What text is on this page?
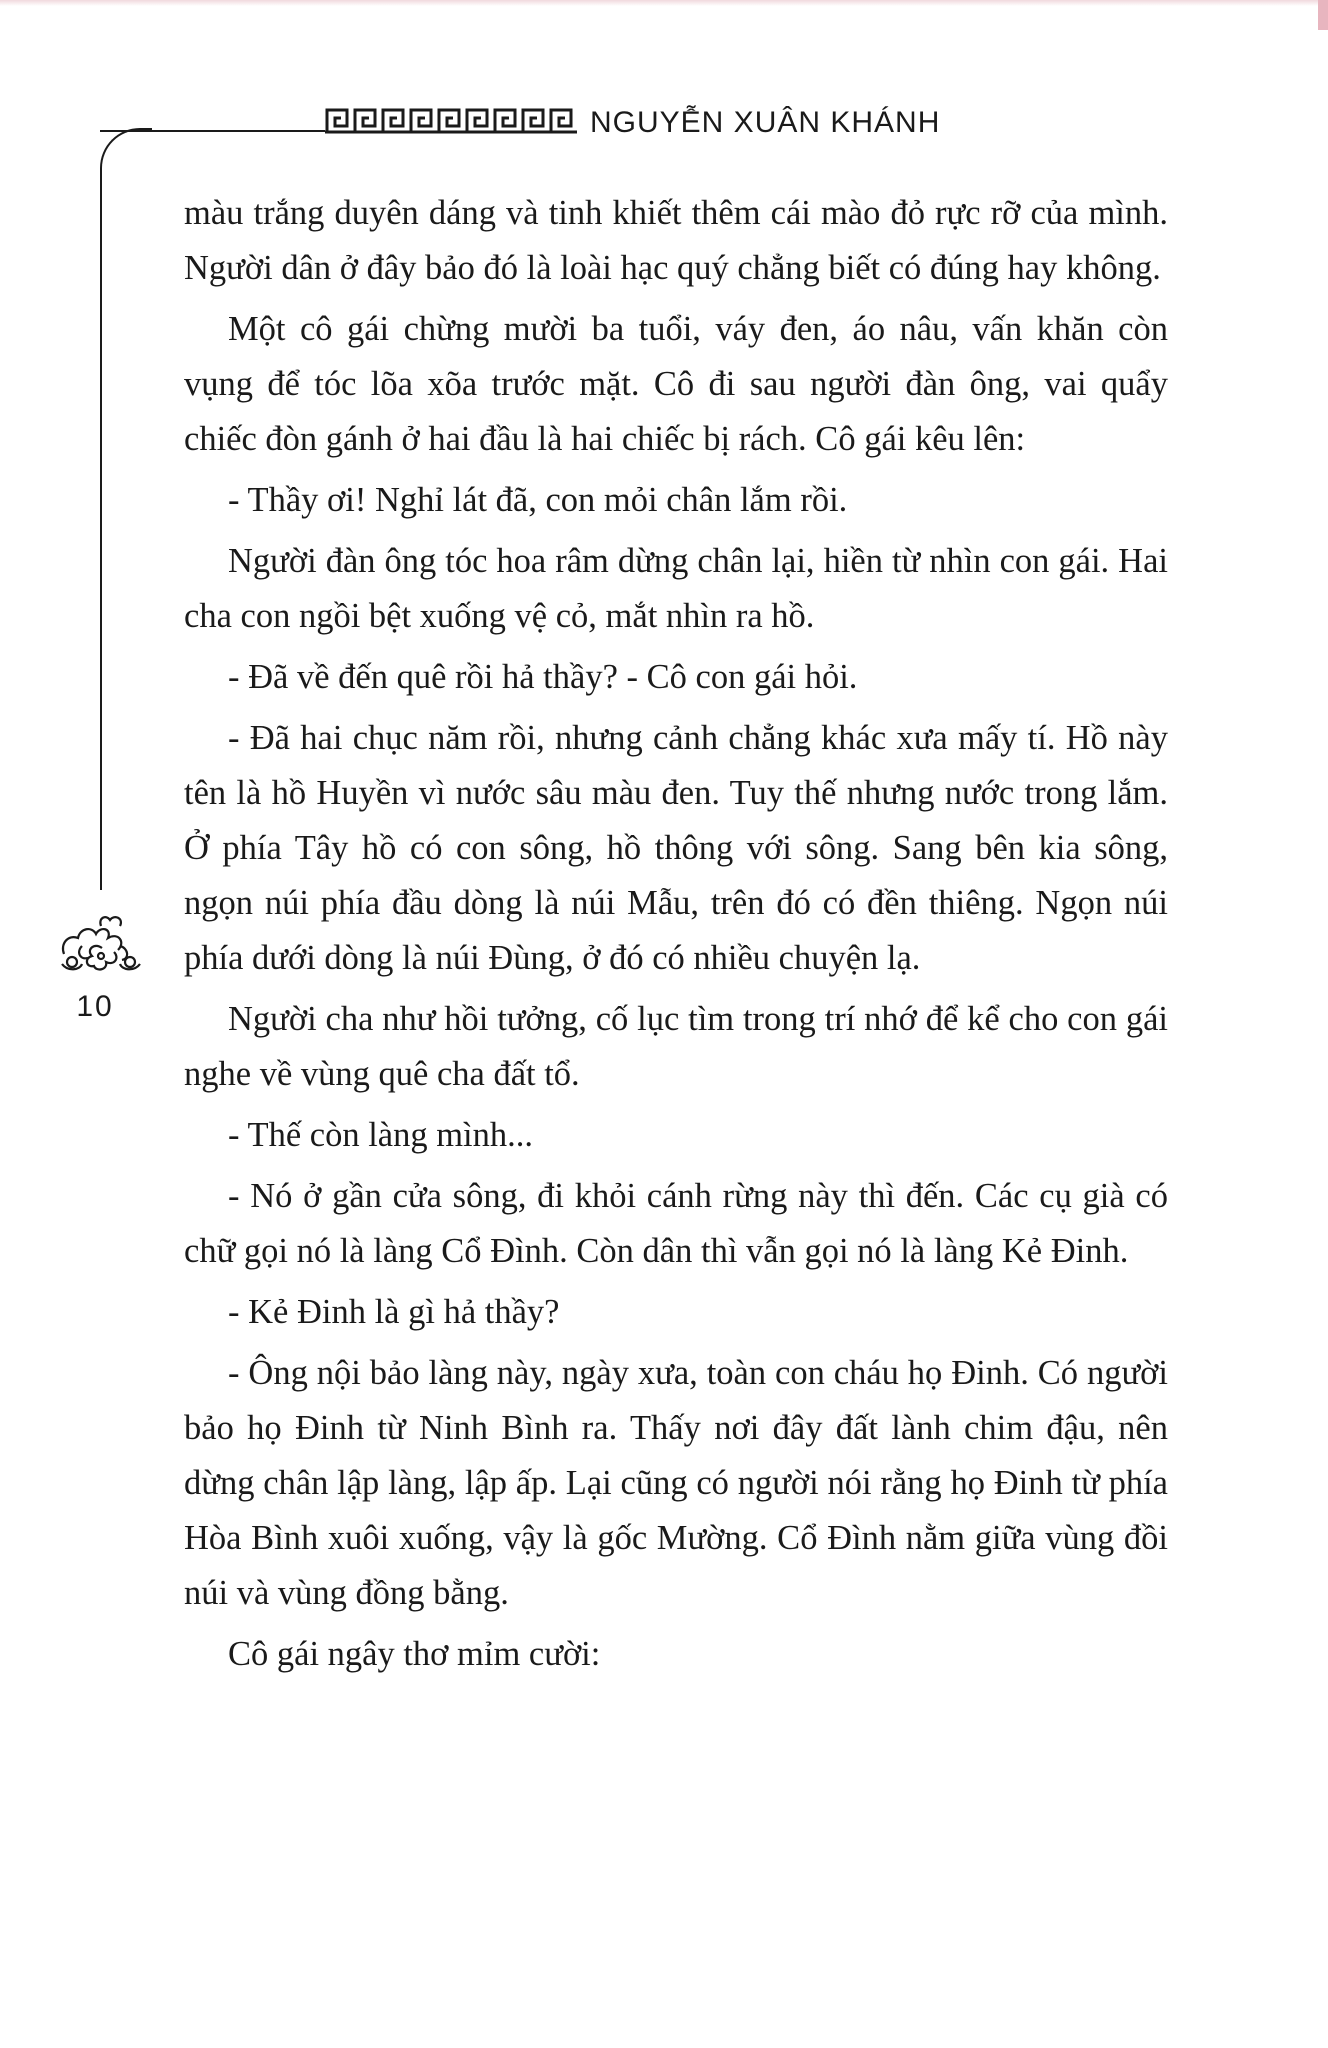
NGUYỄN XUÂN KHÁNH
10

màu trắng duyên dáng và tinh khiết thêm cái mào đỏ rực rỡ của mình. Người dân ở đây bảo đó là loài hạc quý chẳng biết có đúng hay không.

Một cô gái chừng mười ba tuổi, váy đen, áo nâu, vấn khăn còn vụng để tóc lõa xõa trước mặt. Cô đi sau người đàn ông, vai quẩy chiếc đòn gánh ở hai đầu là hai chiếc bị rách. Cô gái kêu lên:

- Thầy ơi! Nghỉ lát đã, con mỏi chân lắm rồi.

Người đàn ông tóc hoa râm dừng chân lại, hiền từ nhìn con gái. Hai cha con ngồi bệt xuống vệ cỏ, mắt nhìn ra hồ.

- Đã về đến quê rồi hả thầy? - Cô con gái hỏi.

- Đã hai chục năm rồi, nhưng cảnh chẳng khác xưa mấy tí. Hồ này tên là hồ Huyền vì nước sâu màu đen. Tuy thế nhưng nước trong lắm. Ở phía Tây hồ có con sông, hồ thông với sông. Sang bên kia sông, ngọn núi phía đầu dòng là núi Mẫu, trên đó có đền thiêng. Ngọn núi phía dưới dòng là núi Đùng, ở đó có nhiều chuyện lạ.

Người cha như hồi tưởng, cố lục tìm trong trí nhớ để kể cho con gái nghe về vùng quê cha đất tổ.

- Thế còn làng mình...

- Nó ở gần cửa sông, đi khỏi cánh rừng này thì đến. Các cụ già có chữ gọi nó là làng Cổ Đình. Còn dân thì vẫn gọi nó là làng Kẻ Đinh.

- Kẻ Đinh là gì hả thầy?

- Ông nội bảo làng này, ngày xưa, toàn con cháu họ Đinh. Có người bảo họ Đinh từ Ninh Bình ra. Thấy nơi đây đất lành chim đậu, nên dừng chân lập làng, lập ấp. Lại cũng có người nói rằng họ Đinh từ phía Hòa Bình xuôi xuống, vậy là gốc Mường. Cổ Đình nằm giữa vùng đồi núi và vùng đồng bằng.

Cô gái ngây thơ mỉm cười:
